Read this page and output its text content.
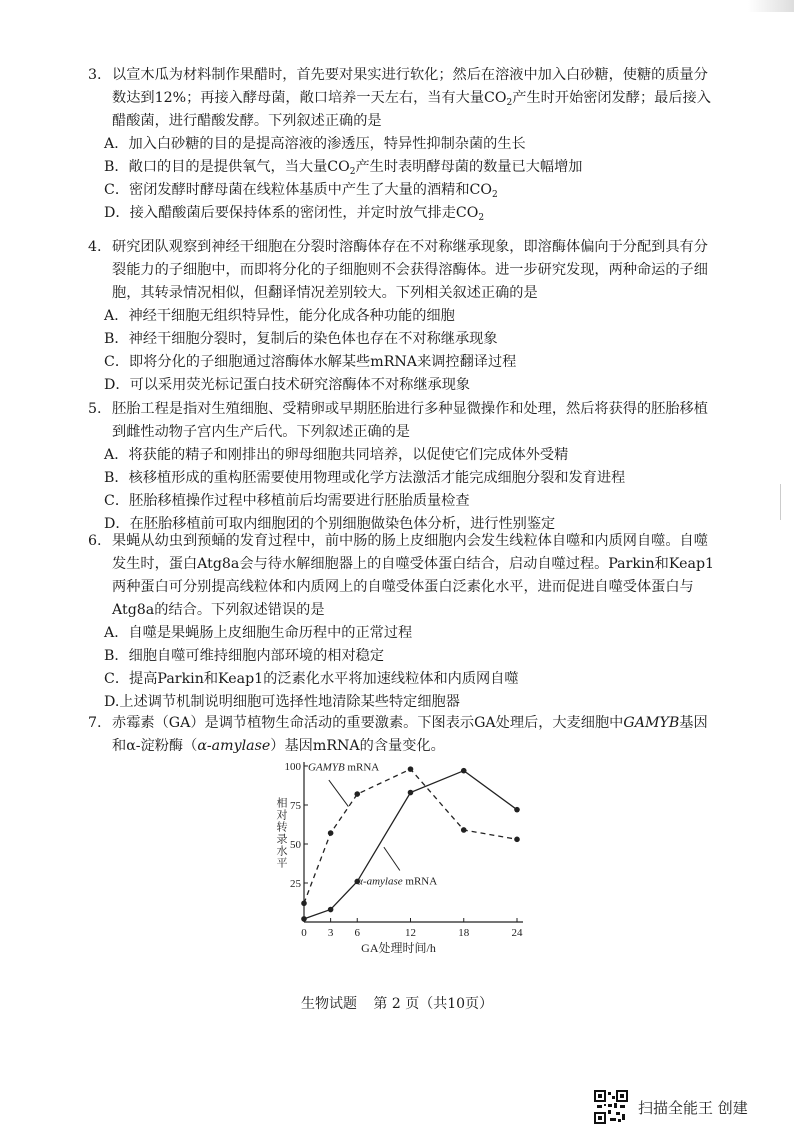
3. 以宣木瓜为材料制作果醋时，首先要对果实进行软化；然后在溶液中加入白砂糖，使糖的质量分数达到12%；再接入酵母菌，敞口培养一天左右，当有大量$CO_2$产生时开始密闭发酵；最后接入醋酸菌，进行醋酸发酵。下列叙述正确的是

A．加入白砂糖的目的是提高溶液的渗透压，特异性抑制杂菌的生长

B．敞口的目的是提供氧气，当大量$CO_2$产生时表明酵母菌的数量已大幅增加

C．密闭发酵时酵母菌在线粒体基质中产生了大量的酒精和$CO_2$

D．接入醋酸菌后要保持体系的密闭性，并定时放气排走$CO_2$

4. 研究团队观察到神经干细胞在分裂时溶酶体存在不对称继承现象，即溶酶体偏向于分配到具有分裂能力的子细胞中，而即将分化的子细胞则不会获得溶酶体。进一步研究发现，两种命运的子细胞，其转录情况相似，但翻译情况差别较大。下列相关叙述正确的是

A．神经干细胞无组织特异性，能分化成各种功能的细胞

B．神经干细胞分裂时，复制后的染色体也存在不对称继承现象

C．即将分化的子细胞通过溶酶体水解某些mRNA来调控翻译过程

D．可以采用荧光标记蛋白技术研究溶酶体不对称继承现象

5. 胚胎工程是指对生殖细胞、受精卵或早期胚胎进行多种显微操作和处理，然后将获得的胚胎移植到雌性动物子宫内生产后代。下列叙述正确的是

A．将获能的精子和刚排出的卵母细胞共同培养，以促使它们完成体外受精

B．核移植形成的重构胚需要使用物理或化学方法激活才能完成细胞分裂和发育进程

C．胚胎移植操作过程中移植前后均需要进行胚胎质量检查

D．在胚胎移植前可取内细胞团的个别细胞做染色体分析，进行性别鉴定

6. 果蝇从幼虫到预蛹的发育过程中，前中肠的肠上皮细胞内会发生线粒体自噬和内质网自噬。自噬发生时，蛋白Atg8a会与待水解细胞器上的自噬受体蛋白结合，启动自噬过程。Parkin和Keap1两种蛋白可分别提高线粒体和内质网上的自噬受体蛋白泛素化水平，进而促进自噬受体蛋白与Atg8a的结合。下列叙述错误的是

A．自噬是果蝇肠上皮细胞生命历程中的正常过程

B．细胞自噬可维持细胞内部环境的相对稳定

C．提高Parkin和Keap1的泛素化水平将加速线粒体和内质网自噬

D.上述调节机制说明细胞可选择性地清除某些特定细胞器

7. 赤霉素（GA）是调节植物生命活动的重要激素。下图表示GA处理后，大麦细胞中GAMYB基因和α-淀粉酶（α-amylase）基因mRNA的含量变化。

0 3 6	12	18	24
100
75
50
25
GA处理时间/h
相对转录水平
GAMYB mRNA
α-amylase mRNA
生物试题 第 2 页（共10页）
扫描全能王 创建
